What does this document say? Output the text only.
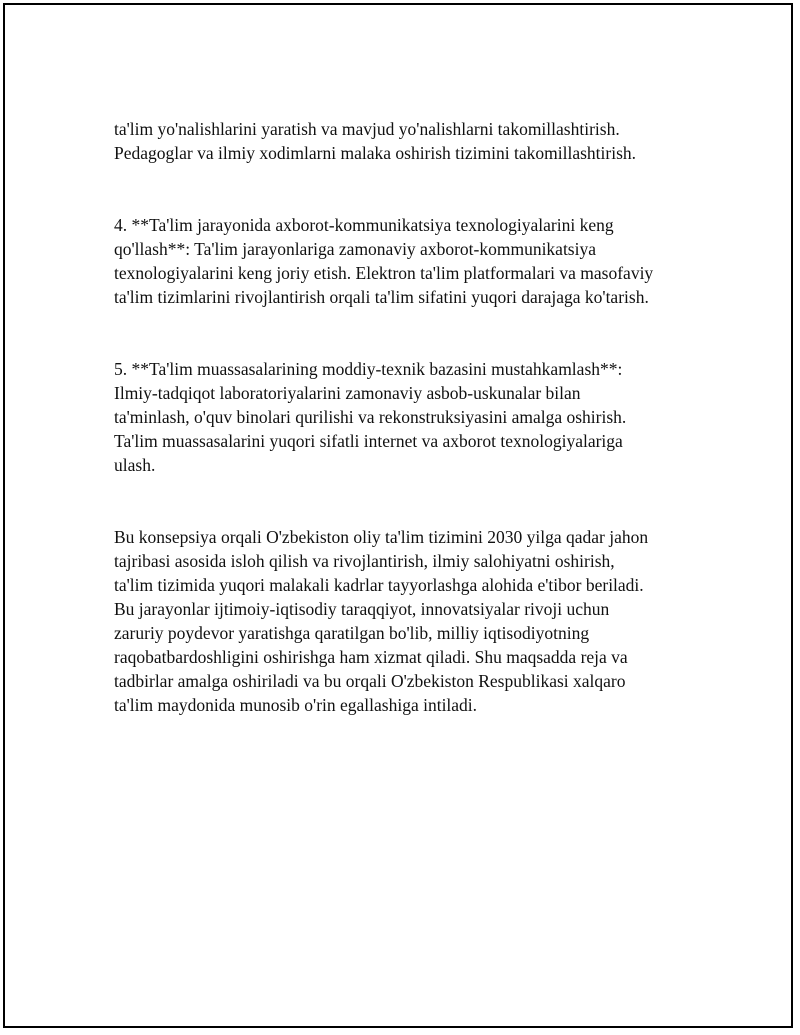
ta'lim yo'nalishlarini yaratish va mavjud yo'nalishlarni takomillashtirish.
Pedagoglar va ilmiy xodimlarni malaka oshirish tizimini takomillashtirish.

4. **Ta'lim jarayonida axborot-kommunikatsiya texnologiyalarini keng
qo'llash**: Ta'lim jarayonlariga zamonaviy axborot-kommunikatsiya
texnologiyalarini keng joriy etish. Elektron ta'lim platformalari va masofaviy
ta'lim tizimlarini rivojlantirish orqali ta'lim sifatini yuqori darajaga ko'tarish.

5. **Ta'lim muassasalarining moddiy-texnik bazasini mustahkamlash**:
Ilmiy-tadqiqot laboratoriyalarini zamonaviy asbob-uskunalar bilan
ta'minlash, o'quv binolari qurilishi va rekonstruksiyasini amalga oshirish.
Ta'lim muassasalarini yuqori sifatli internet va axborot texnologiyalariga
ulash.

Bu konsepsiya orqali O'zbekiston oliy ta'lim tizimini 2030 yilga qadar jahon
tajribasi asosida isloh qilish va rivojlantirish, ilmiy salohiyatni oshirish,
ta'lim tizimida yuqori malakali kadrlar tayyorlashga alohida e'tibor beriladi.
Bu jarayonlar ijtimoiy-iqtisodiy taraqqiyot, innovatsiyalar rivoji uchun
zaruriy poydevor yaratishga qaratilgan bo'lib, milliy iqtisodiyotning
raqobatbardoshligini oshirishga ham xizmat qiladi. Shu maqsadda reja va
tadbirlar amalga oshiriladi va bu orqali O'zbekiston Respublikasi xalqaro
ta'lim maydonida munosib o'rin egallashiga intiladi.
